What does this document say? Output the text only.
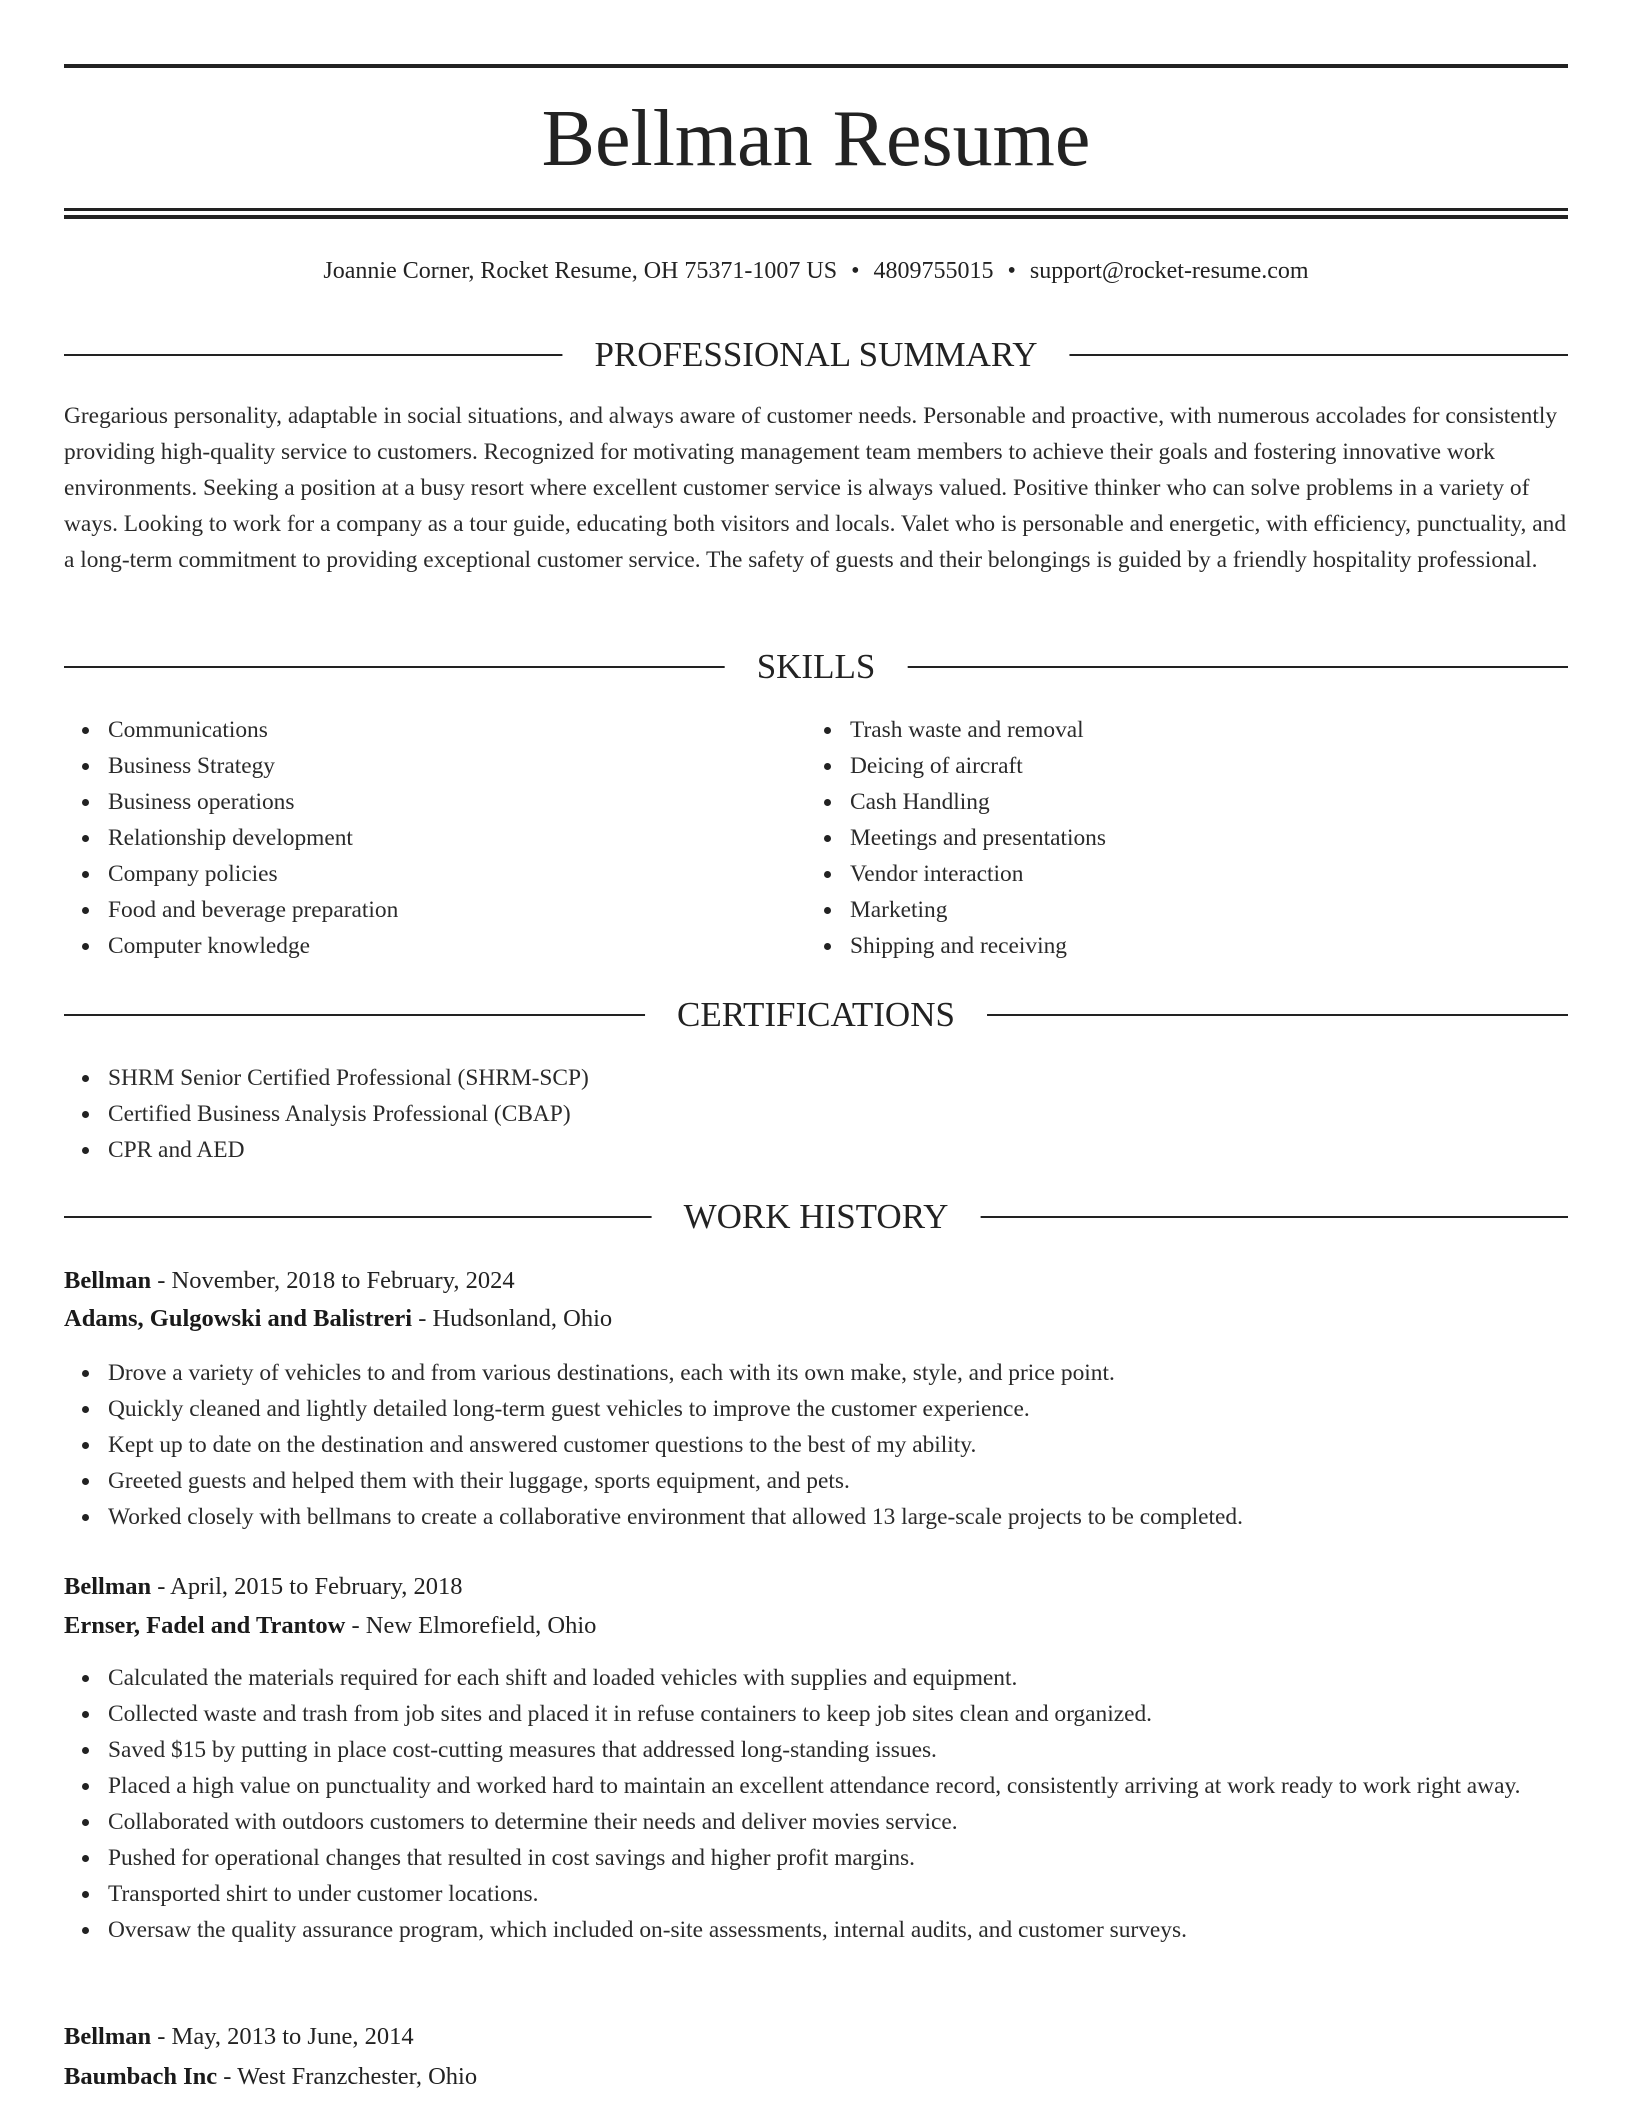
Bellman Resume
Joannie Corner, Rocket Resume, OH 75371-1007 US • 4809755015 • support@rocket-resume.com
PROFESSIONAL SUMMARY

Gregarious personality, adaptable in social situations, and always aware of customer needs. Personable and proactive, with numerous accolades for consistently providing high-quality service to customers. Recognized for motivating management team members to achieve their goals and fostering innovative work environments. Seeking a position at a busy resort where excellent customer service is always valued. Positive thinker who can solve problems in a variety of ways. Looking to work for a company as a tour guide, educating both visitors and locals. Valet who is personable and energetic, with efficiency, punctuality, and a long-term commitment to providing exceptional customer service. The safety of guests and their belongings is guided by a friendly hospitality professional.

SKILLS
Communications
Business Strategy
Business operations
Relationship development
Company policies
Food and beverage preparation
Computer knowledge
Trash waste and removal
Deicing of aircraft
Cash Handling
Meetings and presentations
Vendor interaction
Marketing
Shipping and receiving
CERTIFICATIONS
SHRM Senior Certified Professional (SHRM-SCP)
Certified Business Analysis Professional (CBAP)
CPR and AED
WORK HISTORY
Bellman - November, 2018 to February, 2024
Adams, Gulgowski and Balistreri - Hudsonland, Ohio
Drove a variety of vehicles to and from various destinations, each with its own make, style, and price point.
Quickly cleaned and lightly detailed long-term guest vehicles to improve the customer experience.
Kept up to date on the destination and answered customer questions to the best of my ability.
Greeted guests and helped them with their luggage, sports equipment, and pets.
Worked closely with bellmans to create a collaborative environment that allowed 13 large-scale projects to be completed.
Bellman - April, 2015 to February, 2018
Ernser, Fadel and Trantow - New Elmorefield, Ohio
Calculated the materials required for each shift and loaded vehicles with supplies and equipment.
Collected waste and trash from job sites and placed it in refuse containers to keep job sites clean and organized.
Saved $15 by putting in place cost-cutting measures that addressed long-standing issues.
Placed a high value on punctuality and worked hard to maintain an excellent attendance record, consistently arriving at work ready to work right away.
Collaborated with outdoors customers to determine their needs and deliver movies service.
Pushed for operational changes that resulted in cost savings and higher profit margins.
Transported shirt to under customer locations.
Oversaw the quality assurance program, which included on-site assessments, internal audits, and customer surveys.
Bellman - May, 2013 to June, 2014
Baumbach Inc - West Franzchester, Ohio
